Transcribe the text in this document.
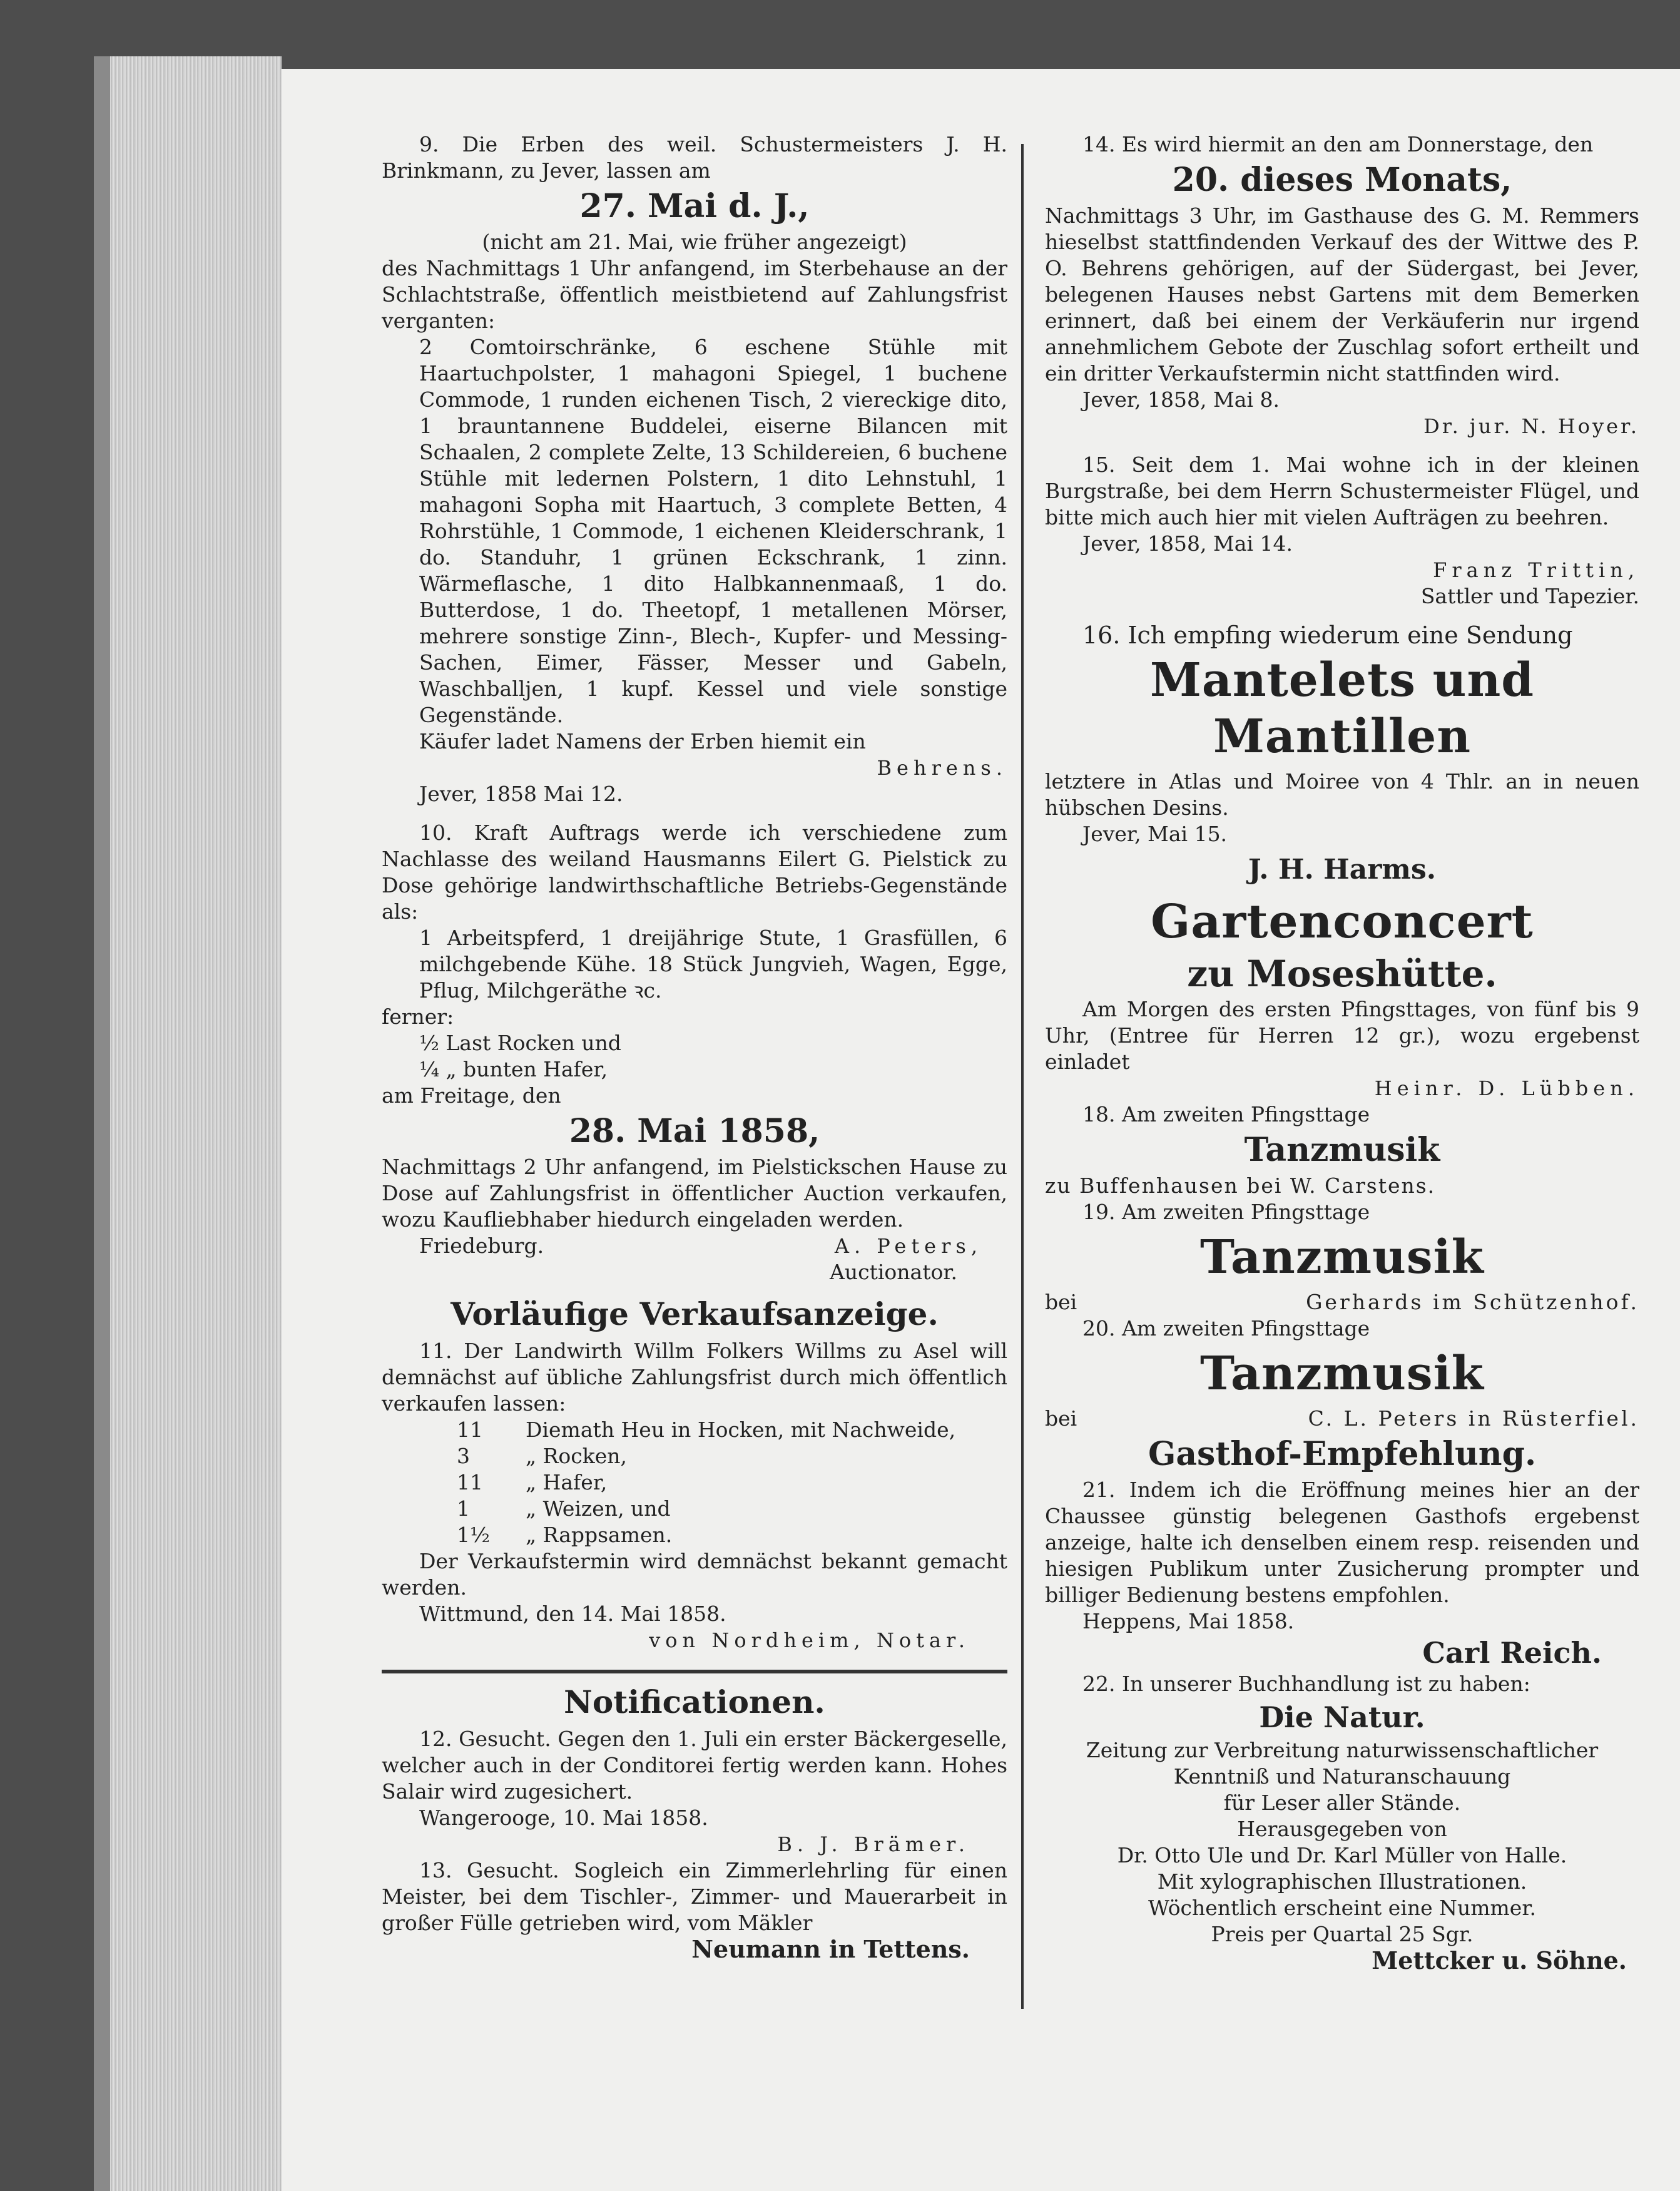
9. Die Erben des weil. Schustermeisters J. H. Brinkmann, zu Jever, lassen am

27. Mai d. J.,

(nicht am 21. Mai, wie früher angezeigt)

des Nachmittags 1 Uhr anfangend, im Sterbehause an der Schlachtstraße, öffentlich meistbietend auf Zahlungsfrist verganten:

2 Comtoirschränke, 6 eschene Stühle mit Haartuchpolster, 1 mahagoni Spiegel, 1 buchene Commode, 1 runden eichenen Tisch, 2 viereckige dito, 1 brauntannene Buddelei, eiserne Bilancen mit Schaalen, 2 complete Zelte, 13 Schildereien, 6 buchene Stühle mit ledernen Polstern, 1 dito Lehnstuhl, 1 mahagoni Sopha mit Haartuch, 3 complete Betten, 4 Rohrstühle, 1 Commode, 1 eichenen Kleiderschrank, 1 do. Standuhr, 1 grünen Eckschrank, 1 zinn. Wärmeflasche, 1 dito Halbkannenmaaß, 1 do. Butterdose, 1 do. Theetopf, 1 metallenen Mörser, mehrere sonstige Zinn-, Blech-, Kupfer- und Messing-Sachen, Eimer, Fässer, Messer und Gabeln, Waschballjen, 1 kupf. Kessel und viele sonstige Gegenstände.

Käufer ladet Namens der Erben hiemit ein

Behrens.

Jever, 1858 Mai 12.

10. Kraft Auftrags werde ich verschiedene zum Nachlasse des weiland Hausmanns Eilert G. Pielstick zu Dose gehörige landwirthschaftliche Betriebs-Gegenstände als:

1 Arbeitspferd, 1 dreijährige Stute, 1 Grasfüllen, 6 milchgebende Kühe. 18 Stück Jungvieh, Wagen, Egge, Pflug, Milchgeräthe ꝛc.

ferner:

½ Last Rocken und

¼ „ bunten Hafer,

am Freitage, den

28. Mai 1858,

Nachmittags 2 Uhr anfangend, im Pielstickschen Hause zu Dose auf Zahlungsfrist in öffentlicher Auction verkaufen, wozu Kaufliebhaber hiedurch eingeladen werden.

Friedeburg.	A. Peters,

Auctionator.

Vorläufige Verkaufsanzeige.

11. Der Landwirth Willm Folkers Willms zu Asel will demnächst auf übliche Zahlungsfrist durch mich öffentlich verkaufen lassen:

11	Diemath Heu in Hocken, mit Nachweide,
3	„ Rocken,
11	„ Hafer,
1	„ Weizen, und
1½	„ Rappsamen.

Der Verkaufstermin wird demnächst bekannt gemacht werden.

Wittmund, den 14. Mai 1858.

von Nordheim, Notar.

Notificationen.

12. Gesucht. Gegen den 1. Juli ein erster Bäckergeselle, welcher auch in der Conditorei fertig werden kann. Hohes Salair wird zugesichert.

Wangerooge, 10. Mai 1858.

B. J. Brämer.

13. Gesucht. Sogleich ein Zimmerlehrling für einen Meister, bei dem Tischler-, Zimmer- und Mauerarbeit in großer Fülle getrieben wird, vom Mäkler

Neumann in Tettens.

14. Es wird hiermit an den am Donnerstage, den

20. dieses Monats,

Nachmittags 3 Uhr, im Gasthause des G. M. Remmers hieselbst stattfindenden Verkauf des der Wittwe des P. O. Behrens gehörigen, auf der Südergast, bei Jever, belegenen Hauses nebst Gartens mit dem Bemerken erinnert, daß bei einem der Verkäuferin nur irgend annehmlichem Gebote der Zuschlag sofort ertheilt und ein dritter Verkaufstermin nicht stattfinden wird.

Jever, 1858, Mai 8.

Dr. jur. N. Hoyer.

15. Seit dem 1. Mai wohne ich in der kleinen Burgstraße, bei dem Herrn Schustermeister Flügel, und bitte mich auch hier mit vielen Aufträgen zu beehren.

Jever, 1858, Mai 14.

Franz Trittin,

Sattler und Tapezier.

16. Ich empfing wiederum eine Sendung

Mantelets und Mantillen

letztere in Atlas und Moiree von 4 Thlr. an in neuen hübschen Desins.

Jever, Mai 15.

J. H. Harms.

Gartenconcert

zu Moseshütte.

Am Morgen des ersten Pfingsttages, von fünf bis 9 Uhr, (Entree für Herren 12 gr.), wozu ergebenst einladet

Heinr. D. Lübben.

18. Am zweiten Pfingsttage

Tanzmusik

zu Buffenhausen bei W. Carstens.

19. Am zweiten Pfingsttage

Tanzmusik

bei	Gerhards im Schützenhof.

20. Am zweiten Pfingsttage

Tanzmusik

bei	C. L. Peters in Rüsterfiel.

Gasthof-Empfehlung.

21. Indem ich die Eröffnung meines hier an der Chaussee günstig belegenen Gasthofs ergebenst anzeige, halte ich denselben einem resp. reisenden und hiesigen Publikum unter Zusicherung prompter und billiger Bedienung bestens empfohlen.

Heppens, Mai 1858.

Carl Reich.

22. In unserer Buchhandlung ist zu haben:

Die Natur.

Zeitung zur Verbreitung naturwissenschaftlicher

Kenntniß und Naturanschauung

für Leser aller Stände.

Herausgegeben von

Dr. Otto Ule und Dr. Karl Müller von Halle.

Mit xylographischen Illustrationen.

Wöchentlich erscheint eine Nummer.

Preis per Quartal 25 Sgr.

Mettcker u. Söhne.
